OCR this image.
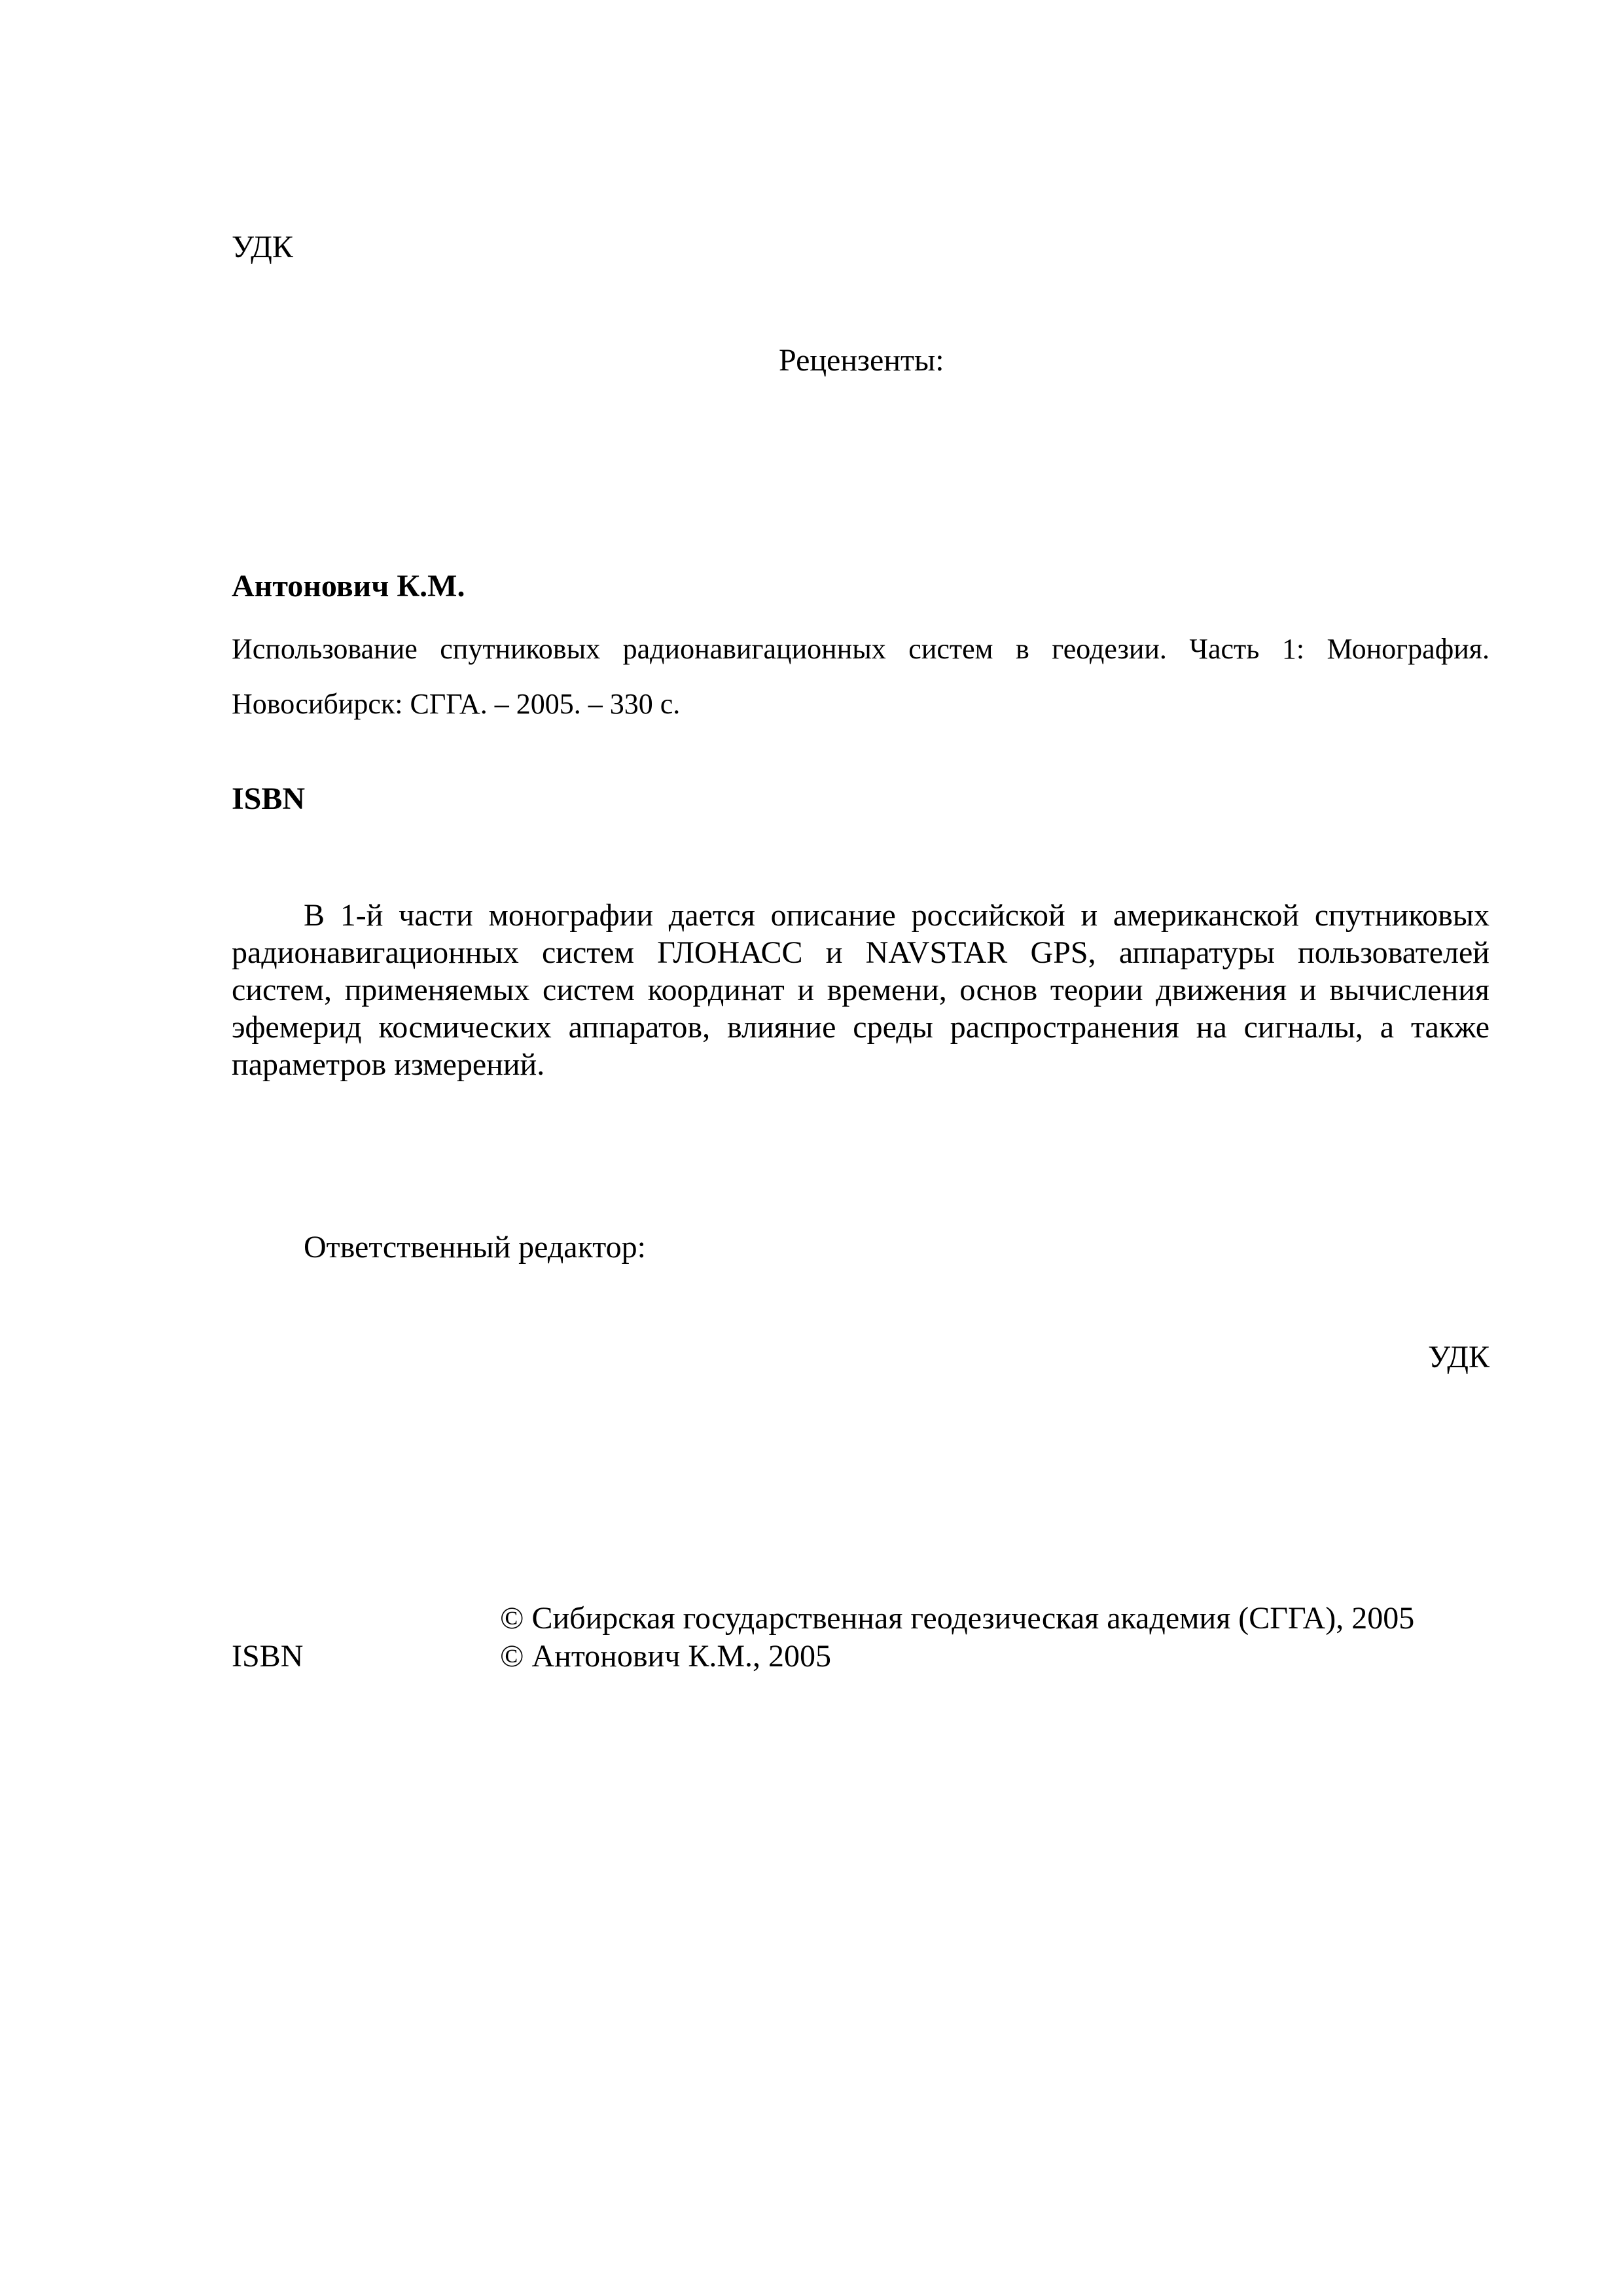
УДК
Рецензенты:
Антонович К.М.
Использование спутниковых радионавигационных систем в геодезии. Часть 1: Монография.
Новосибирск: СГГА. – 2005. – 330 с.
ISBN
В 1-й части монографии дается описание российской и американской спутниковых
радионавигационных систем ГЛОНАСС и NAVSTAR GPS, аппаратуры пользователей
систем, применяемых систем координат и времени, основ теории движения и вычисления
эфемерид космических аппаратов, влияние среды распространения на сигналы, а также
параметров измерений.
Ответственный редактор:
УДК
© Сибирская государственная геодезическая академия (СГГА), 2005
ISBN	© Антонович К.М., 2005
